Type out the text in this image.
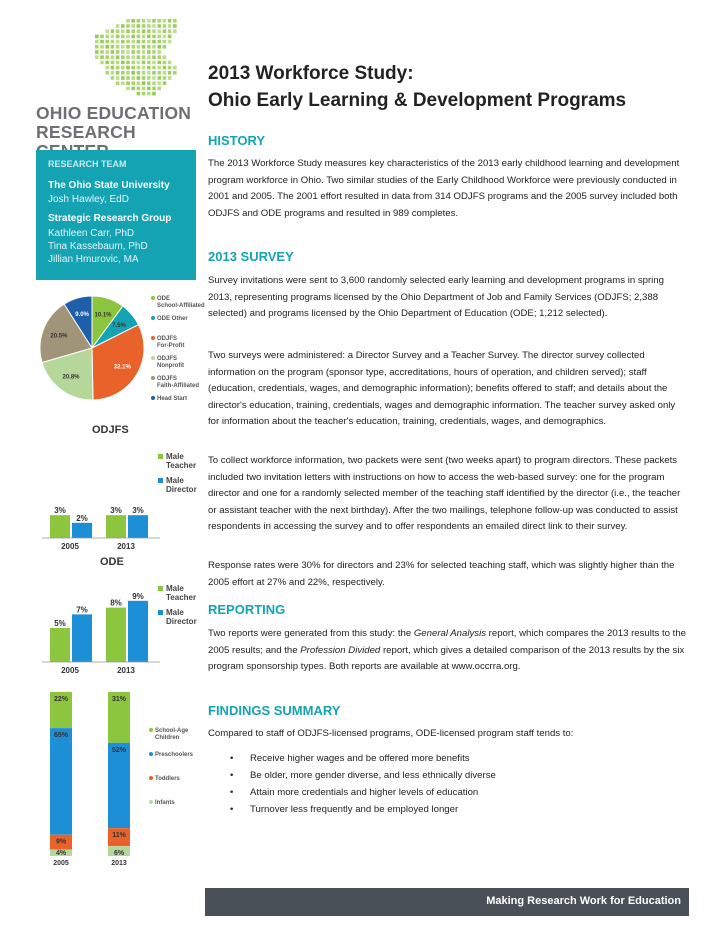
OHIO EDUCATION
RESEARCH
2013 Workforce Study:
Ohio Early Learning & Development Programs
RESEARCH TEAM
The Ohio State University
Josh Hawley, EdD
Strategic Research Group
Kathleen Carr, PhD
Tina Kassebaum, PhD
Jillian Hmurovic, MA
10.1%
7.5%
32.1%
20.8%
20.5%
9.0%
ODE School-Affiliated
ODE Other
ODJFS For-Profit
ODJFS Nonprofit
ODJFS Faith-Affiliated
Head Start
ODJFS
3%
2%
2005
3% 3%
2013
Male Teacher
Male Director
ODE
5%
7%
2005
8%
9%
2013
Male Teacher
Male Director
22%
65%
9%
4%
2005
31%
52%
11%
6%
2013
School-Age Children
Preschoolers
Toddlers
Infants
HISTORY
The 2013 Workforce Study measures key characteristics of the 2013 early childhood learning and development program workforce in Ohio. Two similar studies of the Early Childhood Workforce were previously conducted in 2001 and 2005. The 2001 effort resulted in data from 314 ODJFS programs and the 2005 survey included both ODJFS and ODE programs and resulted in 989 completes.
2013 SURVEY
Survey invitations were sent to 3,600 randomly selected early learning and development programs in spring 2013, representing programs licensed by the Ohio Department of Job and Family Services (ODJFS; 2,388 selected) and programs licensed by the Ohio Department of Education (ODE; 1,212 selected).
Two surveys were administered: a Director Survey and a Teacher Survey. The director survey collected information on the program (sponsor type, accreditations, hours of operation, and children served); staff (education, credentials, wages, and demographic information); benefits offered to staff; and details about the director's education, training, credentials, wages and demographic information. The teacher survey asked only for information about the teacher's education, training, credentials, wages, and demographics.
To collect workforce information, two packets were sent (two weeks apart) to program directors. These packets included two invitation letters with instructions on how to access the web-based survey: one for the program director and one for a randomly selected member of the teaching staff identified by the director (i.e., the teacher or assistant teacher with the next birthday). After the two mailings, telephone follow-up was conducted to assist respondents in accessing the survey and to offer respondents an emailed direct link to their survey.
Response rates were 30% for directors and 23% for selected teaching staff, which was slightly higher than the 2005 effort at 27% and 22%, respectively.
REPORTING
Two reports were generated from this study: the General Analysis report, which compares the 2013 results to the 2005 results; and the Profession Divided report, which gives a detailed comparison of the 2013 results by the six program sponsorship types. Both reports are available at www.occrra.org.
FINDINGS SUMMARY
Compared to staff of ODJFS-licensed programs, ODE-licensed program staff tends to:
• Receive higher wages and be offered more benefits
• Be older, more gender diverse, and less ethnically diverse
• Attain more credentials and higher levels of education
• Turnover less frequently and be employed longer
Making Research Work for Education
